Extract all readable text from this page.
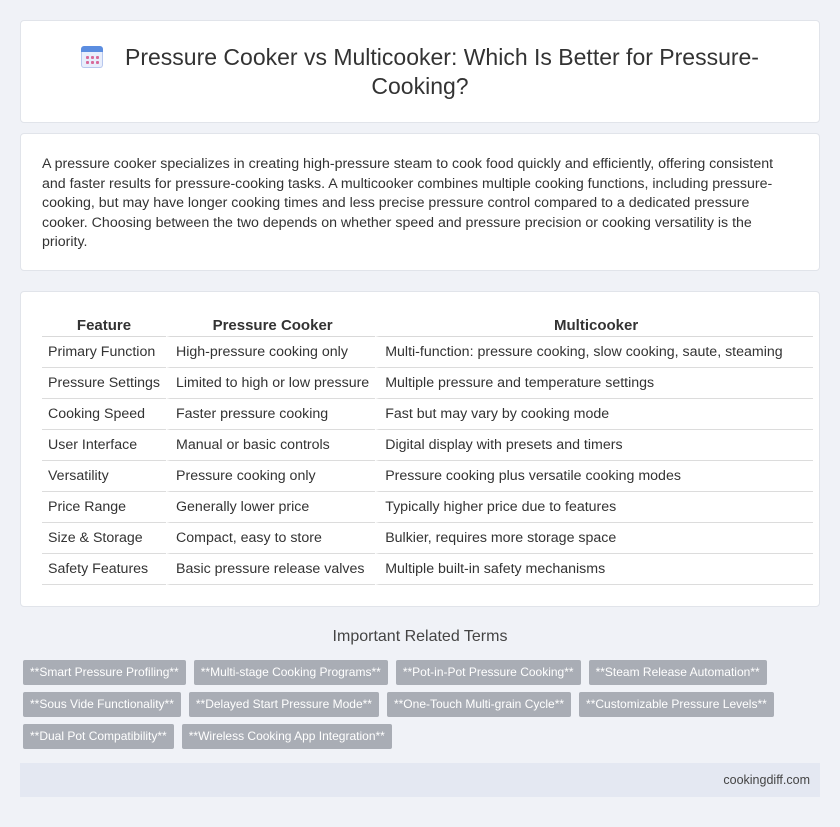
Pressure Cooker vs Multicooker: Which Is Better for Pressure-Cooking?

A pressure cooker specializes in creating high-pressure steam to cook food quickly and efficiently, offering consistent and faster results for pressure-cooking tasks. A multicooker combines multiple cooking functions, including pressure-cooking, but may have longer cooking times and less precise pressure control compared to a dedicated pressure cooker. Choosing between the two depends on whether speed and pressure precision or cooking versatility is the priority.

Feature	Pressure Cooker	Multicooker
Primary Function	High-pressure cooking only	Multi-function: pressure cooking, slow cooking, saute, steaming
Pressure Settings	Limited to high or low pressure	Multiple pressure and temperature settings
Cooking Speed	Faster pressure cooking	Fast but may vary by cooking mode
User Interface	Manual or basic controls	Digital display with presets and timers
Versatility	Pressure cooking only	Pressure cooking plus versatile cooking modes
Price Range	Generally lower price	Typically higher price due to features
Size & Storage	Compact, easy to store	Bulkier, requires more storage space
Safety Features	Basic pressure release valves	Multiple built-in safety mechanisms
Important Related Terms
**Smart Pressure Profiling** **Multi-stage Cooking Programs** **Pot-in-Pot Pressure Cooking** **Steam Release Automation****Sous Vide Functionality** **Delayed Start Pressure Mode** **One-Touch Multi-grain Cycle** **Customizable Pressure Levels****Dual Pot Compatibility** **Wireless Cooking App Integration**
cookingdiff.com
